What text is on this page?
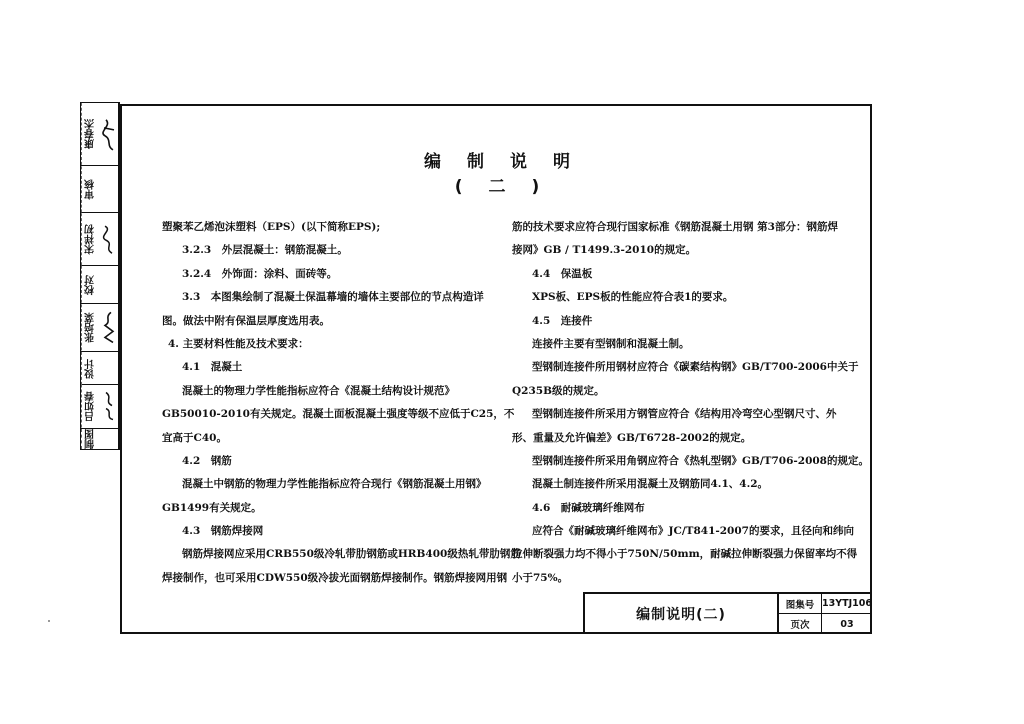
康春杰
审核
宋祥初
校对
张培菜
设计
吕如春
制图
编制说明(二)

塑聚苯乙烯泡沫塑料（EPS）(以下简称EPS);

3.2.3　外层混凝土：钢筋混凝土。

3.2.4　外饰面：涂料、面砖等。

3.3　本图集绘制了混凝土保温幕墙的墙体主要部位的节点构造详

图。做法中附有保温层厚度选用表。

4. 主要材料性能及技术要求：

4.1　混凝土

混凝土的物理力学性能指标应符合《混凝土结构设计规范》

GB50010-2010有关规定。混凝土面板混凝土强度等级不应低于C25，不

宜高于C40。

4.2　钢筋

混凝土中钢筋的物理力学性能指标应符合现行《钢筋混凝土用钢》

GB1499有关规定。

4.3　钢筋焊接网

钢筋焊接网应采用CRB550级冷轧带肋钢筋或HRB400级热轧带肋钢筋

焊接制作，也可采用CDW550级冷拔光面钢筋焊接制作。钢筋焊接网用钢

筋的技术要求应符合现行国家标准《钢筋混凝土用钢 第3部分：钢筋焊

接网》GB / T1499.3-2010的规定。

4.4　保温板

XPS板、EPS板的性能应符合表1的要求。

4.5　连接件

连接件主要有型钢制和混凝土制。

型钢制连接件所用钢材应符合《碳素结构钢》GB/T700-2006中关于

Q235B级的规定。

型钢制连接件所采用方钢管应符合《结构用冷弯空心型钢尺寸、外

形、重量及允许偏差》GB/T6728-2002的规定。

型钢制连接件所采用角钢应符合《热轧型钢》GB/T706-2008的规定。

混凝土制连接件所采用混凝土及钢筋同4.1、4.2。

4.6　耐碱玻璃纤维网布

应符合《耐碱玻璃纤维网布》JC/T841-2007的要求，且径向和纬向

拉伸断裂强力均不得小于750N/50mm，耐碱拉伸断裂强力保留率均不得

小于75%。

编制说明(二)
图集号 13YTJ106
页次	03
